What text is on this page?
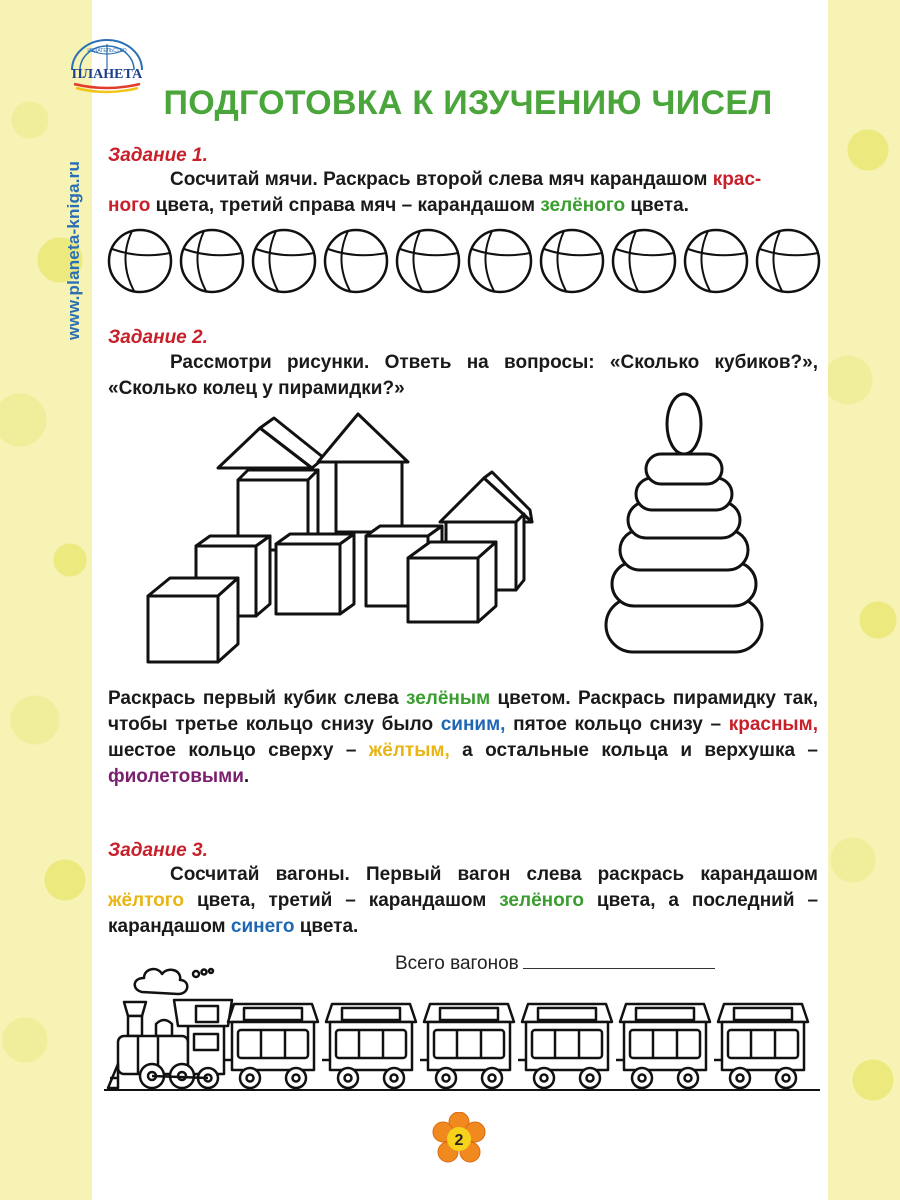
ИЗДАТЕЛЬСТВО
ПЛАНЕТА
www.planeta-kniga.ru
ПОДГОТОВКА К ИЗУЧЕНИЮ ЧИСЕЛ
Задание 1.
Сосчитай мячи. Раскрась второй слева мяч карандашом крас-
ного цвета, третий справа мяч – карандашом зелёного цвета.
Задание 2.
Рассмотри рисунки. Ответь на вопросы: «Сколько кубиков?», «Сколько колец у пирамидки?»
Раскрась первый кубик слева зелёным цветом. Раскрась пирамидку так, чтобы третье кольцо снизу было синим, пятое кольцо снизу – красным, шестое кольцо сверху – жёлтым, а остальные кольца и верхушка – фиолетовыми.
Задание 3.
Сосчитай вагоны. Первый вагон слева раскрась карандашом жёлтого цвета, третий – карандашом зелёного цвета, а последний – карандашом синего цвета.
Всего вагонов
2
